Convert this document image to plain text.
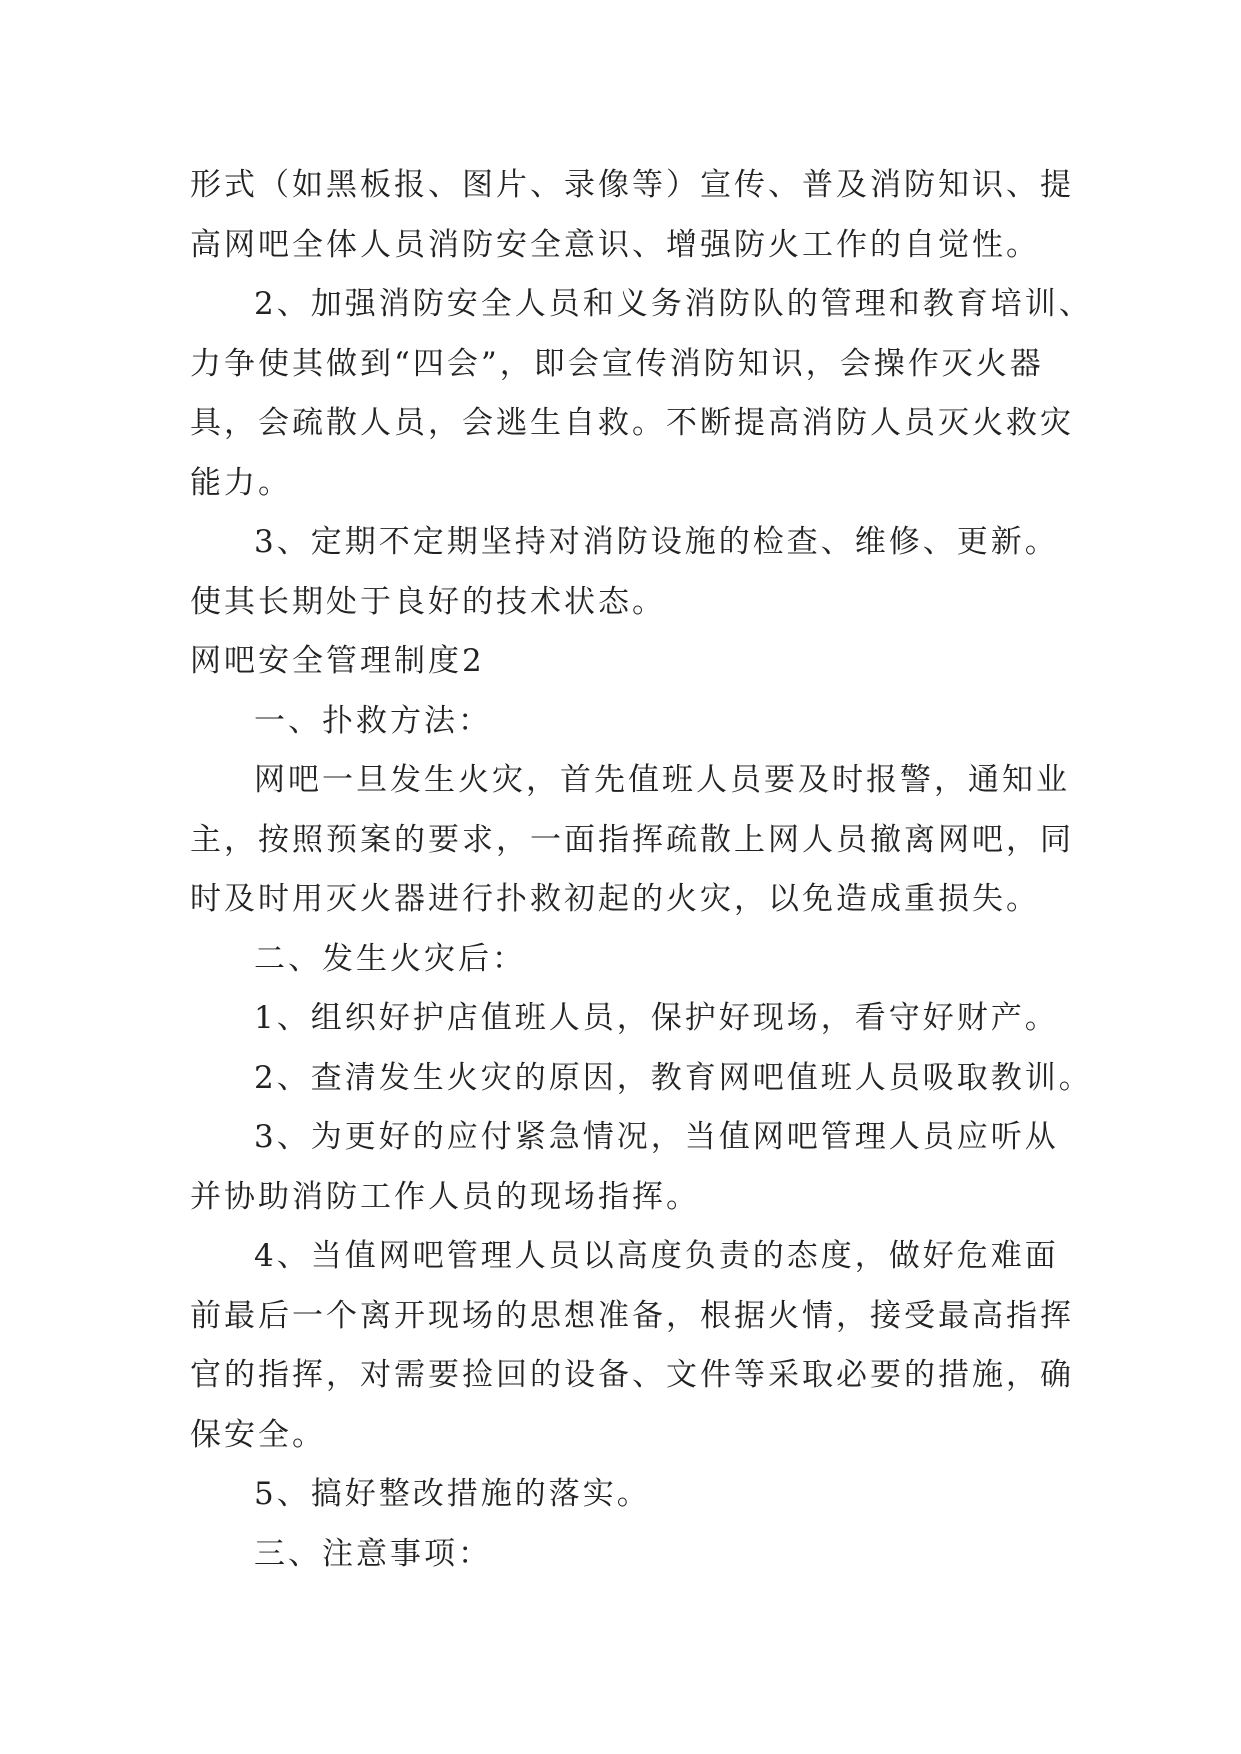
形式（如黑板报、图片、录像等）宣传、普及消防知识、提

高网吧全体人员消防安全意识、增强防火工作的自觉性。

2、加强消防安全人员和义务消防队的管理和教育培训、

力争使其做到“四会”，即会宣传消防知识，会操作灭火器

具，会疏散人员，会逃生自救。不断提高消防人员灭火救灾

能力。

3、定期不定期坚持对消防设施的检查、维修、更新。

使其长期处于良好的技术状态。

网吧安全管理制度2

一、扑救方法：

网吧一旦发生火灾，首先值班人员要及时报警，通知业

主，按照预案的要求，一面指挥疏散上网人员撤离网吧，同

时及时用灭火器进行扑救初起的火灾，以免造成重损失。

二、发生火灾后：

1、组织好护店值班人员，保护好现场，看守好财产。

2、查清发生火灾的原因，教育网吧值班人员吸取教训。

3、为更好的应付紧急情况，当值网吧管理人员应听从

并协助消防工作人员的现场指挥。

4、当值网吧管理人员以高度负责的态度，做好危难面

前最后一个离开现场的思想准备，根据火情，接受最高指挥

官的指挥，对需要捡回的设备、文件等采取必要的措施，确

保安全。

5、搞好整改措施的落实。

三、注意事项：
